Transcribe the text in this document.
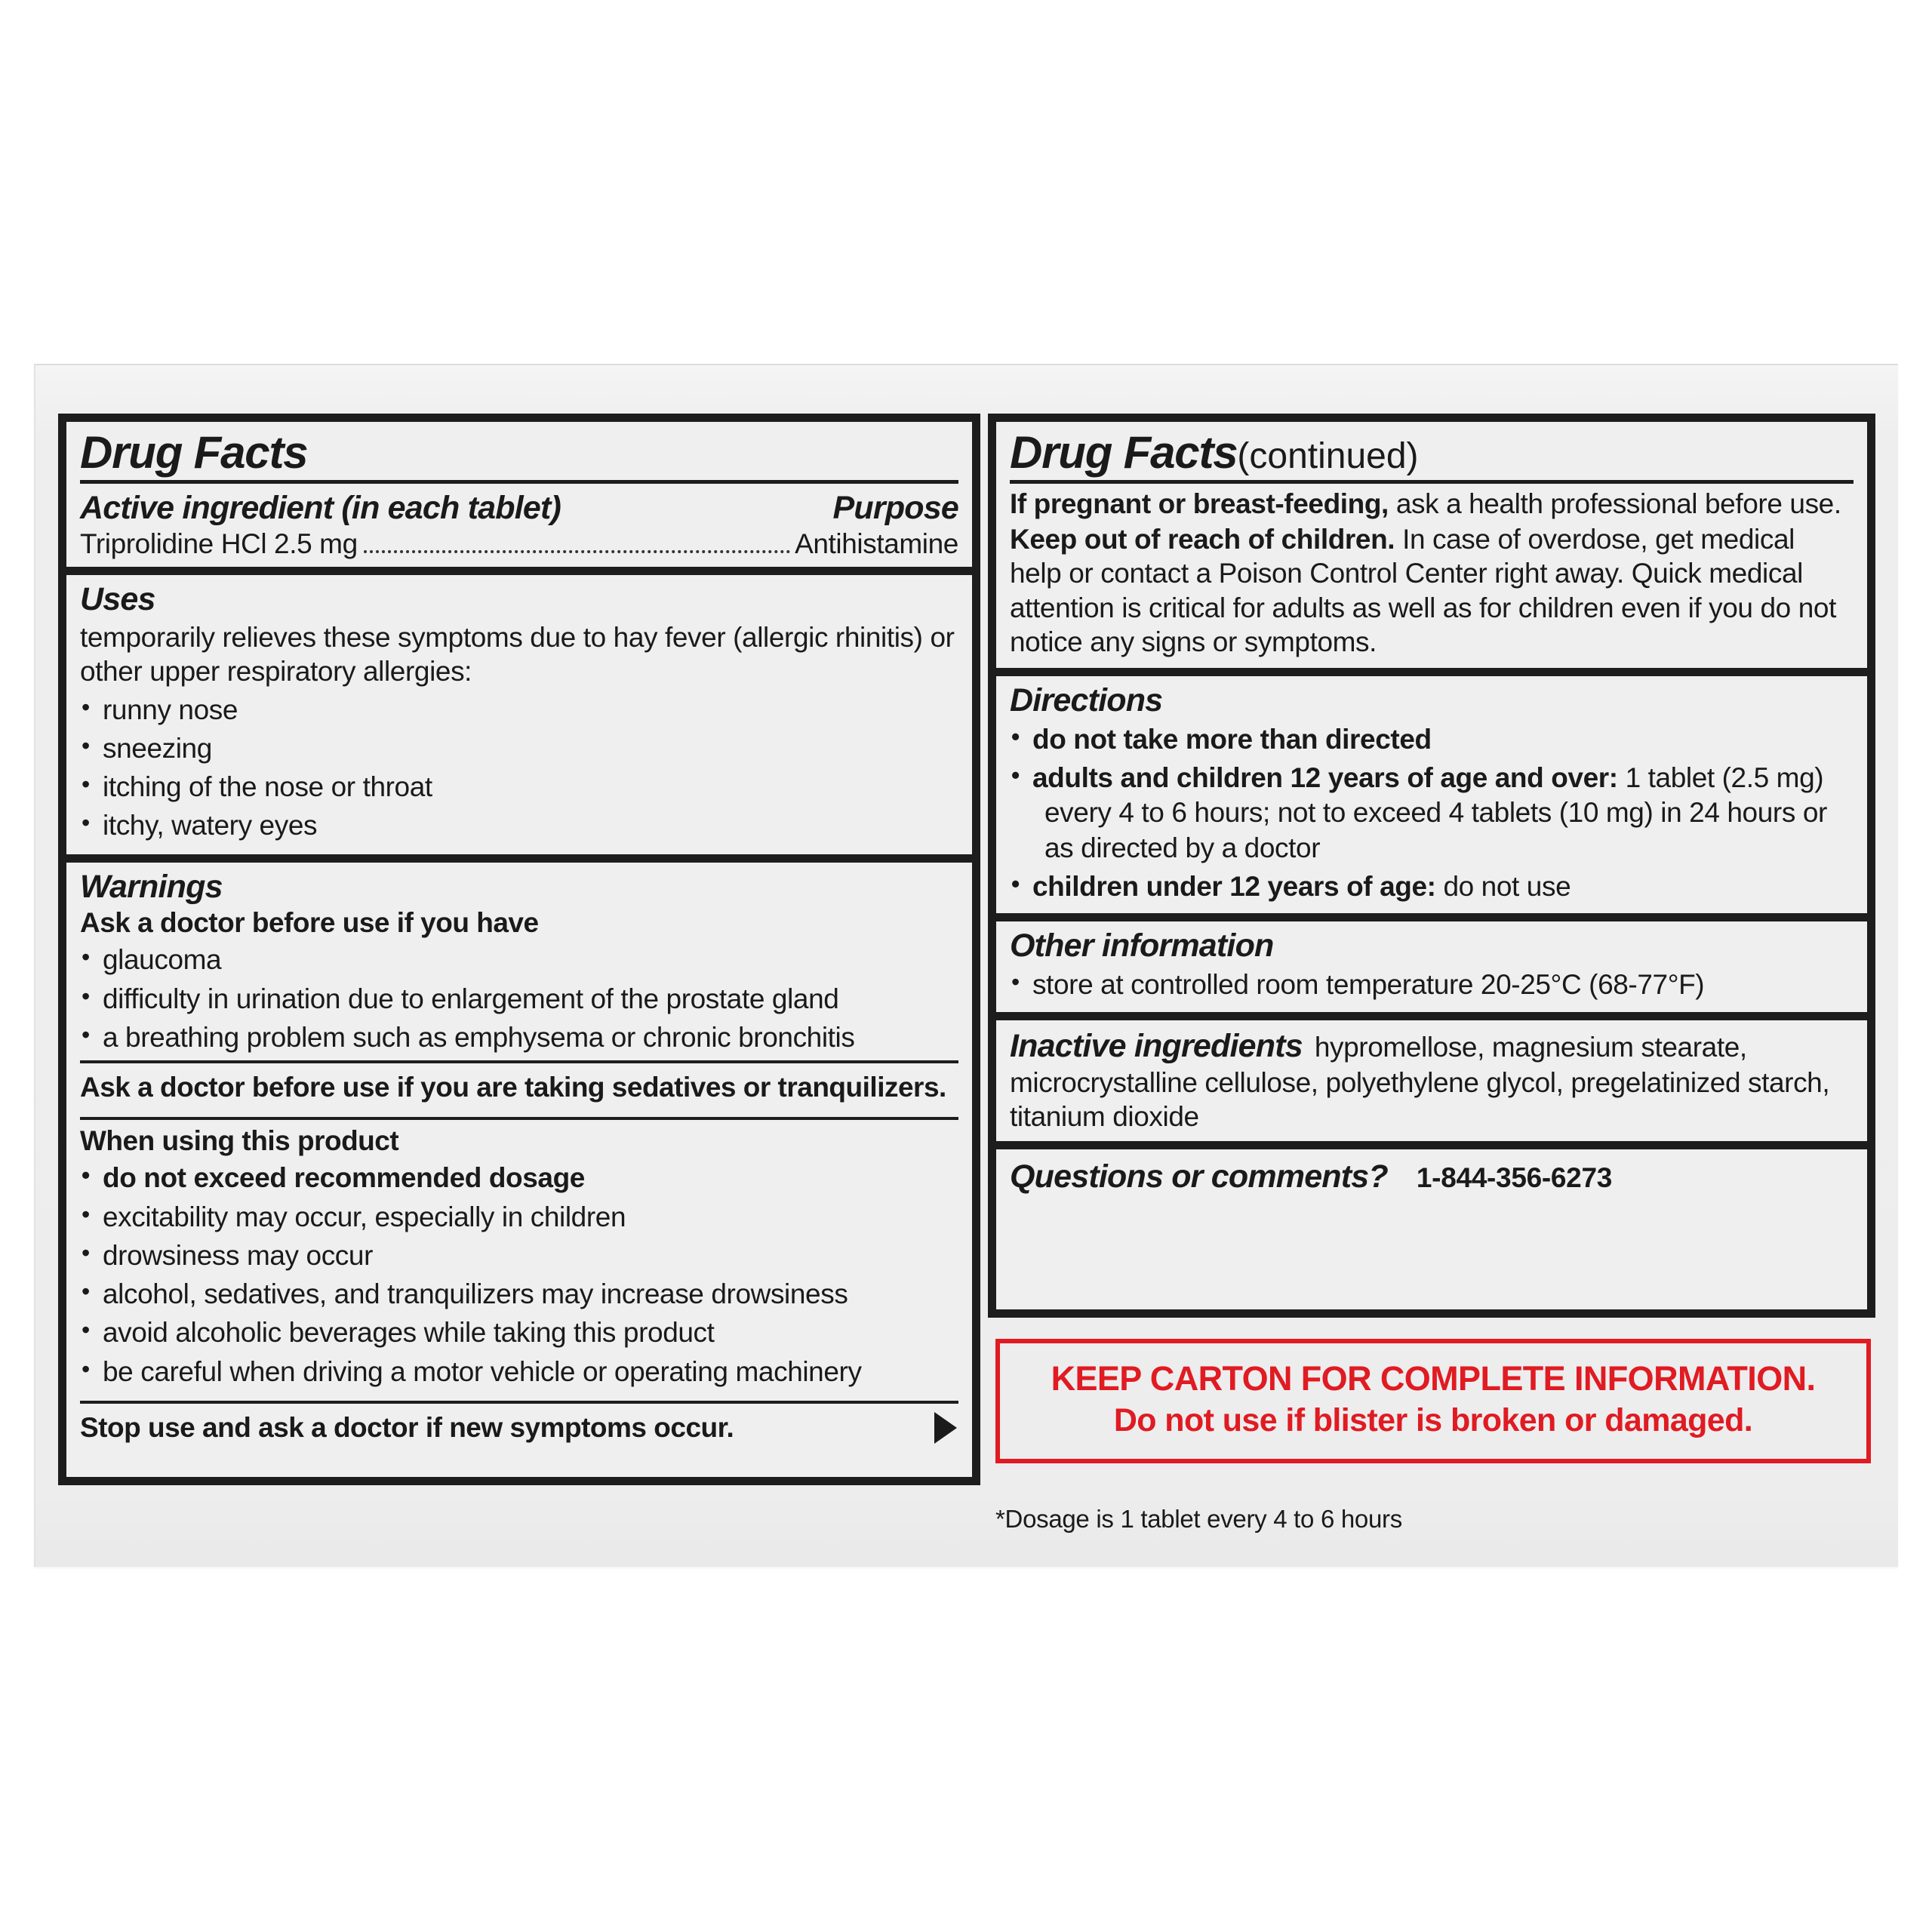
Drug Facts
Active ingredient (in each tablet)	Purpose
Triprolidine HCl 2.5 mg	Antihistamine
Uses
temporarily relieves these symptoms due to hay fever (allergic rhinitis) or other upper respiratory allergies:
• runny nose
• sneezing
• itching of the nose or throat
• itchy, watery eyes
Warnings
Ask a doctor before use if you have
• glaucoma
• difficulty in urination due to enlargement of the prostate gland
• a breathing problem such as emphysema or chronic bronchitis
Ask a doctor before use if you are taking sedatives or tranquilizers.
When using this product
• do not exceed recommended dosage
• excitability may occur, especially in children
• drowsiness may occur
• alcohol, sedatives, and tranquilizers may increase drowsiness
• avoid alcoholic beverages while taking this product
• be careful when driving a motor vehicle or operating machinery
Stop use and ask a doctor if new symptoms occur.
Drug Facts(continued)
If pregnant or breast-feeding, ask a health professional before use.
Keep out of reach of children. In case of overdose, get medical help or contact a Poison Control Center right away. Quick medical attention is critical for adults as well as for children even if you do not notice any signs or symptoms.
Directions
• do not take more than directed
• adults and children 12 years of age and over: 1 tablet (2.5 mg)
every 4 to 6 hours; not to exceed 4 tablets (10 mg) in 24 hours or as directed by a doctor
• children under 12 years of age: do not use
Other information
• store at controlled room temperature 20-25°C (68-77°F)
Inactive ingredients hypromellose, magnesium stearate, microcrystalline cellulose, polyethylene glycol, pregelatinized starch, titanium dioxide
Questions or comments?	1-844-356-6273
KEEP CARTON FOR COMPLETE INFORMATION.
Do not use if blister is broken or damaged.
*Dosage is 1 tablet every 4 to 6 hours
